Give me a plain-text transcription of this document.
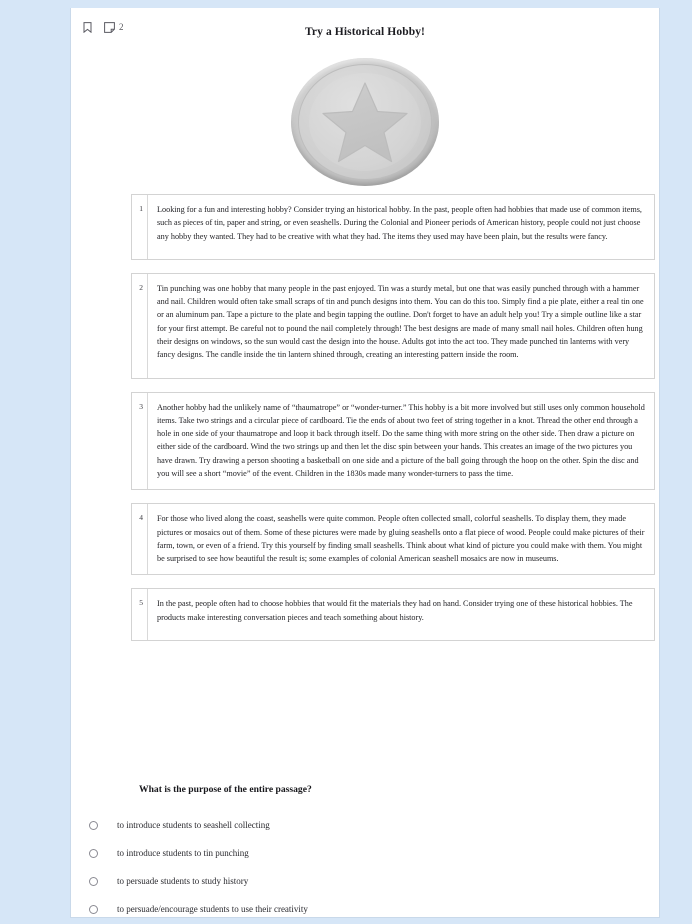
2	Try a Historical Hobby!
1	Looking for a fun and interesting hobby? Consider trying an historical hobby. In the past, people often had hobbies that made use of common items, such as pieces of tin, paper and string, or even seashells. During the Colonial and Pioneer periods of American history, people could not just choose any hobby they wanted. They had to be creative with what they had. The items they used may have been plain, but the results were fancy.
2	Tin punching was one hobby that many people in the past enjoyed. Tin was a sturdy metal, but one that was easily punched through with a hammer and nail. Children would often take small scraps of tin and punch designs into them. You can do this too. Simply find a pie plate, either a real tin one or an aluminum pan. Tape a picture to the plate and begin tapping the outline. Don't forget to have an adult help you! Try a simple outline like a star for your first attempt. Be careful not to pound the nail completely through! The best designs are made of many small nail holes. Children often hung their designs on windows, so the sun would cast the design into the house. Adults got into the act too. They made punched tin lanterns with very fancy designs. The candle inside the tin lantern shined through, creating an interesting pattern inside the room.
3	Another hobby had the unlikely name of “thaumatrope” or “wonder-turner.” This hobby is a bit more involved but still uses only common household items. Take two strings and a circular piece of cardboard. Tie the ends of about two feet of string together in a knot. Thread the other end through a hole in one side of your thaumatrope and loop it back through itself. Do the same thing with more string on the other side. Then draw a picture on either side of the cardboard. Wind the two strings up and then let the disc spin between your hands. This creates an image of the two pictures you have drawn. Try drawing a person shooting a basketball on one side and a picture of the ball going through the hoop on the other. Spin the disc and you will see a short “movie” of the event. Children in the 1830s made many wonder-turners to pass the time.
4	For those who lived along the coast, seashells were quite common. People often collected small, colorful seashells. To display them, they made pictures or mosaics out of them. Some of these pictures were made by gluing seashells onto a flat piece of wood. People could make pictures of their farm, town, or even of a friend. Try this yourself by finding small seashells. Think about what kind of picture you could make with them. You might be surprised to see how beautiful the result is; some examples of colonial American seashell mosaics are now in museums.
5	In the past, people often had to choose hobbies that would fit the materials they had on hand. Consider trying one of these historical hobbies. The products make interesting conversation pieces and teach something about history.
What is the purpose of the entire passage?
to introduce students to seashell collecting
to introduce students to tin punching
to persuade students to study history
to persuade/encourage students to use their creativity
